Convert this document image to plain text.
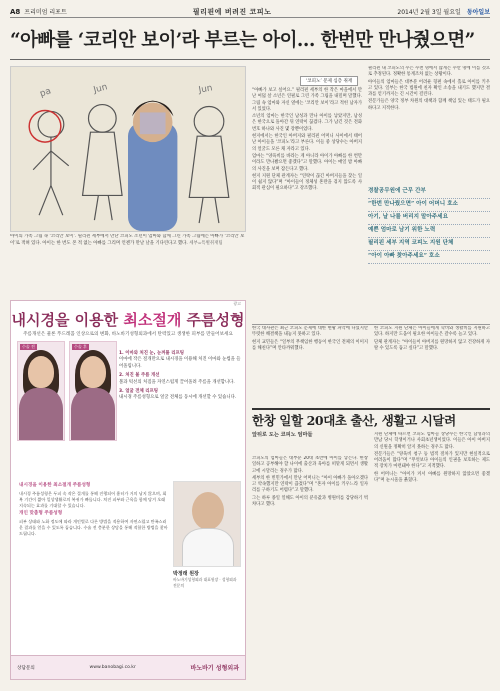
A8 프리미엄 리포트	필리핀에 버려진 코피노	2014년 2월 3일 월요일 동아일보
“아빠를 ‘코리안 보이’라 부르는 아이… 한번만 만나줬으면”
pa	Jun	Jun
아이의 가족 그림 속 ‘코리안 보이’. 필리핀 세부에서 만난 코피노 소년이 엄마와 함께 그린 가족 그림에는 아빠가 ‘코리안 보이’로 적혀 있다. 아이는 한 번도 본 적 없는 아빠를 그리며 언젠가 만날 날을 기다린다고 했다. 세부=특별취재팀

“아빠가 보고 싶어요.” 필리핀 세부의 한 작은 마을에서 만난 여덟 살 소년은 연필로 그린 가족 그림을 내밀며 말했다. 그림 속 엄마와 자신 옆에는 ‘코리안 보이’라고 적힌 남자가 서 있었다.

소년의 엄마는 한국인 남성과 만나 아이를 낳았지만, 남성은 한국으로 돌아간 뒤 연락이 끊겼다. 그가 남긴 것은 전화번호 하나와 사진 몇 장뿐이었다.

현지에서는 한국인 아버지와 필리핀 어머니 사이에서 태어난 아이들을 ‘코피노’라고 부른다. 이들 중 상당수는 아버지의 얼굴도 모른 채 자라고 있다.

엄마는 “양육비를 바라는 게 아니라 아이가 아빠를 한 번만이라도 만나봤으면 좋겠다”고 말했다. 아이는 매일 밤 아빠의 사진을 보며 잠든다고 했다.

현지 지원 단체 관계자는 “연락이 끊긴 아버지들을 찾는 일이 쉽지 않다”며 “아이들이 정체성 혼란을 겪지 않도록 사회적 관심이 필요하다”고 강조했다.

‘코피노’ 문제 심층 취재

필리핀 내 코피노의 수는 수천 명에서 많게는 수만 명에 이를 것으로 추정된다. 정확한 통계조차 없는 상황이다.

아이들의 엄마들은 대부분 어려운 형편 속에서 홀로 아이를 키우고 있다. 일부는 한국 법원에 친자 확인 소송을 내기도 했지만 결과를 얻기까지는 긴 시간이 걸린다.

전문가들은 양국 정부 차원의 대책과 함께 책임 있는 태도가 필요하다고 지적한다.

경찰공무원에 근무 간부
“한번 만나줬으면” 아이 어머니 호소
아기, 날 나를 버리지 말아주세요
예쁜 엄마로 남기 위한 노력
필리핀 세부 지역 코피노 지원 단체
“아이 아빠 찾아주세요” 호소
광고
내시경을 이용한 최소절개 주름성형
주름개선은 물론 푸드레꼼 인상으로의 변화, 바노바기성형외과에서 탄력있고 생생한 피부를 만들어보세요
수술 전	수술 후
1. 이마와 처진 눈, 눈꺼풀 리프팅
이마에 작은 절개만으로 내시경을 이용해 처진 이마와 눈썹을 들어올립니다.
2. 처진 볼 주름 개선
볼과 턱선의 처짐을 자연스럽게 끌어올려 주름을 개선합니다.
3. 얼굴 전체 리프팅
내시경 주름성형으로 얼굴 전체를 동시에 개선할 수 있습니다.
내시경을 이용한 최소절개 주름성형

내시경 주름성형은 두피 속 작은 절개를 통해 진행되어 흉터가 거의 남지 않으며, 회복 기간이 짧아 일상생활로의 복귀가 빠릅니다. 처진 피부와 근육을 함께 당겨 오래 지속되는 효과를 기대할 수 있습니다.

개인 맞춤형 주름성형

피부 상태와 노화 정도에 따라 개인별로 다른 방법을 적용하여 자연스럽고 만족스러운 결과를 얻을 수 있도록 돕습니다. 수술 전 충분한 상담을 통해 적합한 방법을 찾아드립니다.

박정래 원장
바노바기성형외과 대표원장 · 성형외과 전문의
상담문의	www.banobagi.co.kr	바노바기 성형외과

한국 대사관은 최근 코피노 문제에 대한 현황 파악에 나섰지만 뚜렷한 해결책을 내놓지 못하고 있다.

현지 교민들은 “일부의 무책임한 행동이 한국인 전체의 이미지를 해친다”며 안타까워했다.

한 코피노 지원 단체는 아이들에게 학비와 생활비를 지원하고 있다. 하지만 도움이 필요한 아이들은 갈수록 늘고 있다.

단체 관계자는 “아이들이 아버지를 원망하지 않고 건강하게 자랄 수 있도록 돕고 싶다”고 말했다.

한창 일할 20대초 출산, 생활고 시달려
앞뒤로 도는 코피노 엄마들

코피노의 엄마들은 대부분 20대 초반에 아이를 낳는다. 한창 일하고 공부해야 할 나이에 출산과 육아를 떠맡게 되면서 생활고에 시달리는 경우가 많다.

세부의 한 빈민가에서 만난 어머니는 “아이 아빠가 돌아오겠다고 약속했지만 연락이 끊겼다”며 “혼자 아이를 키우느라 일자리를 구하기도 어렵다”고 말했다.

그는 하루 종일 일해도 아이의 분유값과 병원비를 감당하기 벅차다고 했다.

지원 단체에 따르면 코피노 엄마들 상당수는 한국인 남성과의 만남 당시 학생이거나 사회초년생이었다. 이들은 아이 아버지의 신원을 정확히 알지 못하는 경우도 많다.

전문가들은 “양육비 청구 등 법적 절차가 있지만 현실적으로 어려움이 많다”며 “무엇보다 아이들의 인권을 보호하는 제도적 장치가 마련돼야 한다”고 지적했다.

한 어머니는 “아이가 커서 아빠를 원망하지 않았으면 좋겠다”며 눈시울을 붉혔다.
